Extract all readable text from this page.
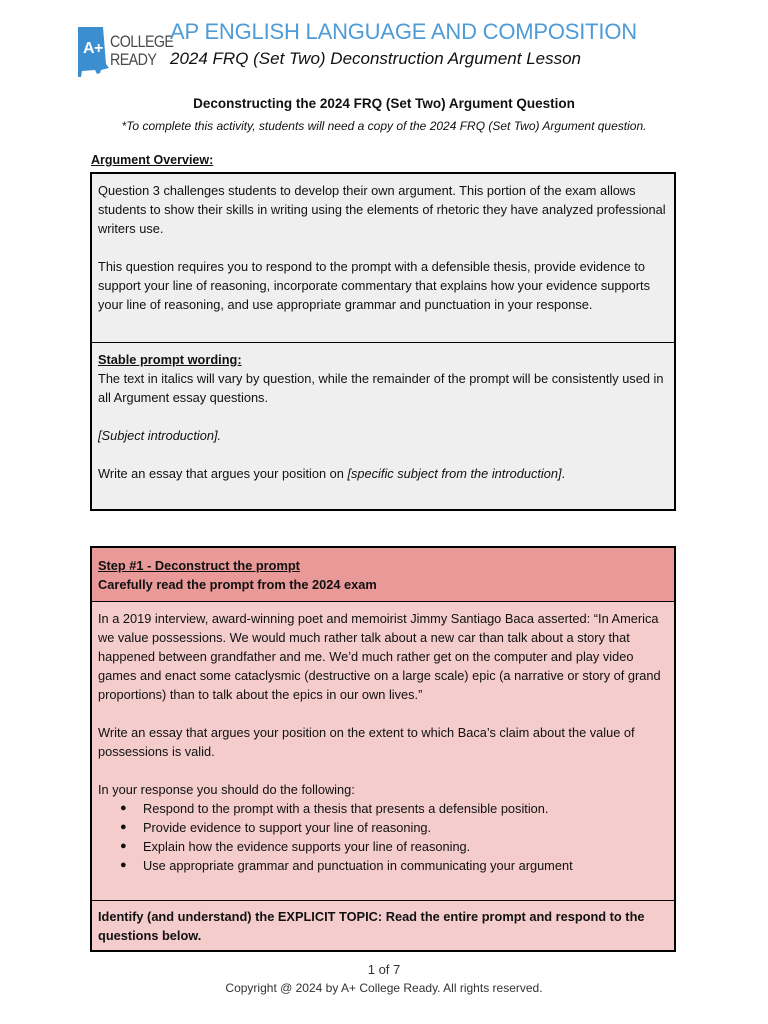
A+ COLLEGE
READY
AP ENGLISH LANGUAGE AND COMPOSITION
2024 FRQ (Set Two) Deconstruction Argument Lesson
Deconstructing the 2024 FRQ (Set Two) Argument Question
*To complete this activity, students will need a copy of the 2024 FRQ (Set Two) Argument question.
Argument Overview:

Question 3 challenges students to develop their own argument. This portion of the exam allows students to show their skills in writing using the elements of rhetoric they have analyzed professional writers use.

This question requires you to respond to the prompt with a defensible thesis, provide evidence to support your line of reasoning, incorporate commentary that explains how your evidence supports your line of reasoning, and use appropriate grammar and punctuation in your response.

Stable prompt wording:

The text in italics will vary by question, while the remainder of the prompt will be consistently used in all Argument essay questions.

[Subject introduction].

Write an essay that argues your position on [specific subject from the introduction].

Step #1 - Deconstruct the prompt

Carefully read the prompt from the 2024 exam

In a 2019 interview, award-winning poet and memoirist Jimmy Santiago Baca asserted: “In America we value possessions. We would much rather talk about a new car than talk about a story that happened between grandfather and me. We’d much rather get on the computer and play video games and enact some cataclysmic (destructive on a large scale) epic (a narrative or story of grand proportions) than to talk about the epics in our own lives.”

Write an essay that argues your position on the extent to which Baca’s claim about the value of possessions is valid.

In your response you should do the following:

● Respond to the prompt with a thesis that presents a defensible position.
● Provide evidence to support your line of reasoning.
● Explain how the evidence supports your line of reasoning.
● Use appropriate grammar and punctuation in communicating your argument

Identify (and understand) the EXPLICIT TOPIC: Read the entire prompt and respond to the questions below.

1 of 7
Copyright @ 2024 by A+ College Ready. All rights reserved.
